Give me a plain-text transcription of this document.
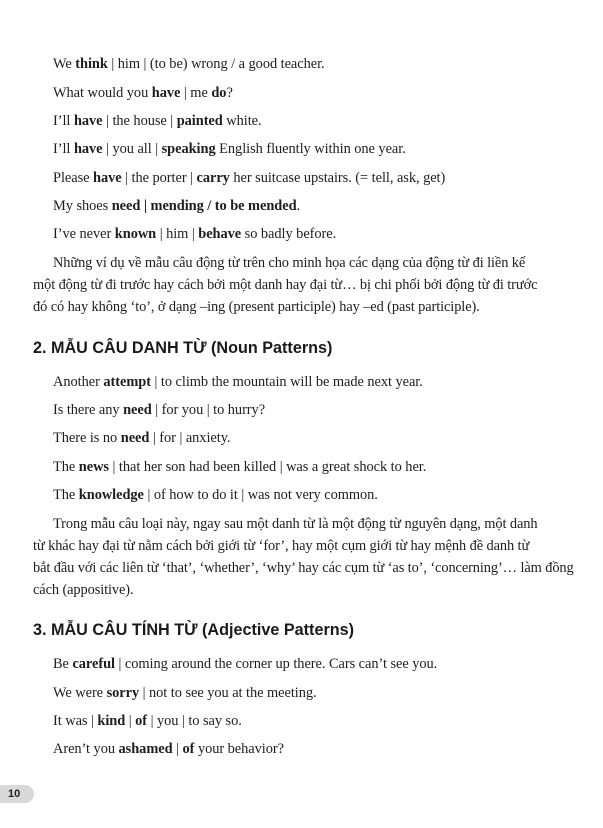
We think | him | (to be) wrong / a good teacher.
What would you have | me do?
I’ll have | the house | painted white.
I’ll have | you all | speaking English fluently within one year.
Please have | the porter | carry her suitcase upstairs. (= tell, ask, get)
My shoes need | mending / to be mended.
I’ve never known | him | behave so badly before.
Những ví dụ về mẫu câu động từ trên cho minh họa các dạng của động từ đi liền kế
một động từ đi trước hay cách bởi một danh hay đại từ… bị chi phối bởi động từ đi trước
đó có hay không ‘to’, ở dạng –ing (present participle) hay –ed (past participle).
2. MẪU CÂU DANH TỪ (Noun Patterns)
Another attempt | to climb the mountain will be made next year.
Is there any need | for you | to hurry?
There is no need | for | anxiety.
The news | that her son had been killed | was a great shock to her.
The knowledge | of how to do it | was not very common.
Trong mẫu câu loại này, ngay sau một danh từ là một động từ nguyên dạng, một danh
từ khác hay đại từ nằm cách bởi giới từ ‘for’, hay một cụm giới từ hay mệnh đề danh từ
bắt đầu với các liên từ ‘that’, ‘whether’, ‘why’ hay các cụm từ ‘as to’, ‘concerning’… làm đồng
cách (appositive).
3. MẪU CÂU TÍNH TỪ (Adjective Patterns)
Be careful | coming around the corner up there. Cars can’t see you.
We were sorry | not to see you at the meeting.
It was | kind | of | you | to say so.
Aren’t you ashamed | of your behavior?
10
